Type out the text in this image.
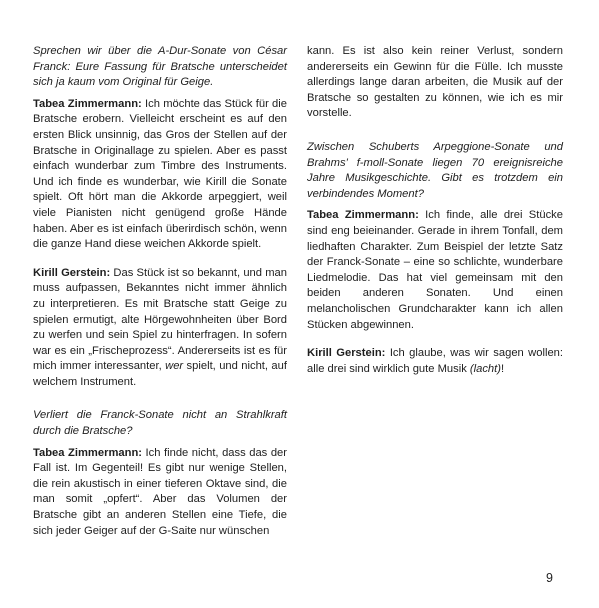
Sprechen wir über die A-Dur-Sonate von César Franck: Eure Fassung für Bratsche unterscheidet sich ja kaum vom Original für Geige.

Tabea Zimmermann: Ich möchte das Stück für die Bratsche erobern. Vielleicht erscheint es auf den ersten Blick unsinnig, das Gros der Stellen auf der Bratsche in Originallage zu spielen. Aber es passt einfach wunderbar zum Timbre des Instruments. Und ich finde es wunderbar, wie Kirill die Sonate spielt. Oft hört man die Akkorde arpeggiert, weil viele Pianisten nicht genügend große Hände haben. Aber es ist einfach überirdisch schön, wenn die ganze Hand diese weichen Akkorde spielt.

Kirill Gerstein: Das Stück ist so bekannt, und man muss aufpassen, Bekanntes nicht immer ähnlich zu interpretieren. Es mit Bratsche statt Geige zu spielen ermutigt, alte Hörgewohnheiten über Bord zu werfen und sein Spiel zu hinterfragen. In sofern war es ein „Frischeprozess“. Andererseits ist es für mich immer interessanter, wer spielt, und nicht, auf welchem Instrument.

Verliert die Franck-Sonate nicht an Strahlkraft durch die Bratsche?

Tabea Zimmermann: Ich finde nicht, dass das der Fall ist. Im Gegenteil! Es gibt nur wenige Stellen, die rein akustisch in einer tieferen Oktave sind, die man somit „opfert“. Aber das Volumen der Bratsche gibt an anderen Stellen eine Tiefe, die sich jeder Geiger auf der G-Saite nur wünschen

kann. Es ist also kein reiner Verlust, sondern andererseits ein Gewinn für die Fülle. Ich musste allerdings lange daran arbeiten, die Musik auf der Bratsche so gestalten zu können, wie ich es mir vorstelle.

Zwischen Schuberts Arpeggione-Sonate und Brahms’ f-moll-Sonate liegen 70 ereignisreiche Jahre Musikgeschichte. Gibt es trotzdem ein verbindendes Moment?

Tabea Zimmermann: Ich finde, alle drei Stücke sind eng beieinander. Gerade in ihrem Tonfall, dem liedhaften Charakter. Zum Beispiel der letzte Satz der Franck-Sonate – eine so schlichte, wunderbare Liedmelodie. Das hat viel gemeinsam mit den beiden anderen Sonaten. Und einen melancholischen Grundcharakter kann ich allen Stücken abgewinnen.

Kirill Gerstein: Ich glaube, was wir sagen wollen: alle drei sind wirklich gute Musik (lacht)!

9
